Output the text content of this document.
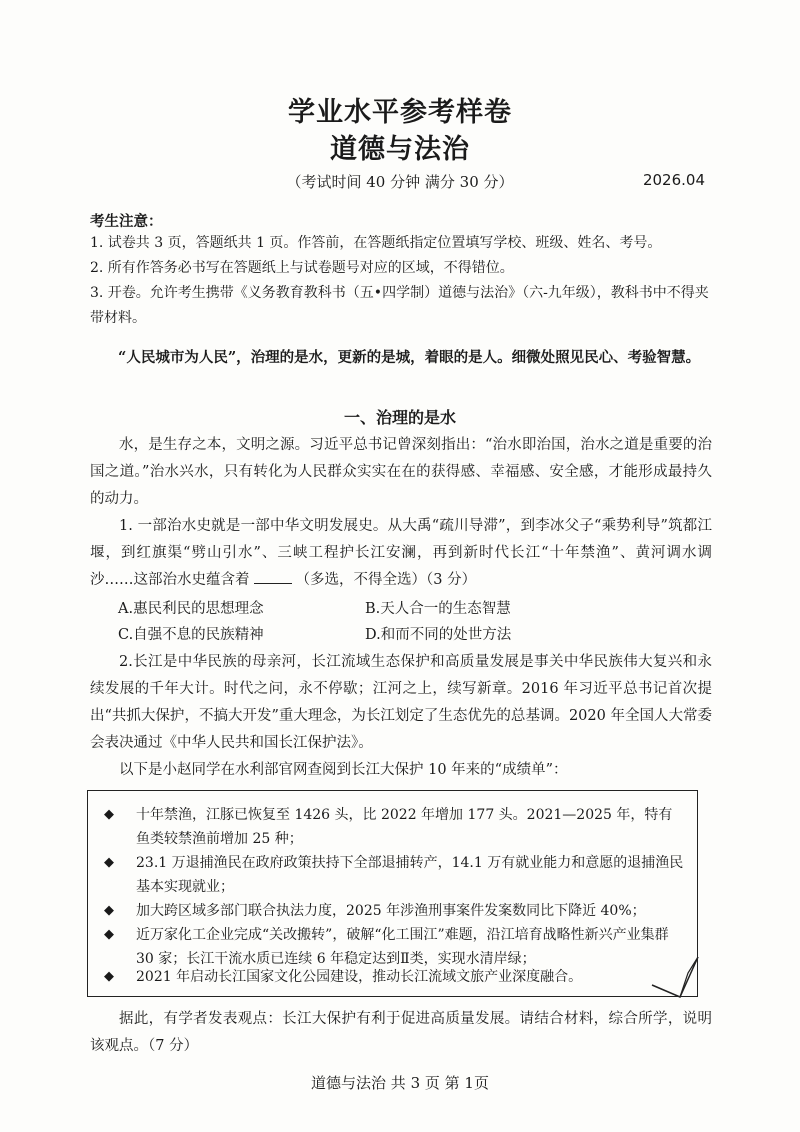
学业水平参考样卷
道德与法治
（考试时间 40 分钟 满分 30 分）	2026.04
考生注意：
1. 试卷共 3 页，答题纸共 1 页。作答前，在答题纸指定位置填写学校、班级、姓名、考号。
2. 所有作答务必书写在答题纸上与试卷题号对应的区域，不得错位。
3. 开卷。允许考生携带《义务教育教科书（五•四学制）道德与法治》（六-九年级），教科书中不得夹带材料。
“人民城市为人民”，治理的是水，更新的是城，着眼的是人。细微处照见民心、考验智慧。
一、治理的是水
水，是生存之本，文明之源。习近平总书记曾深刻指出：“治水即治国，治水之道是重要的治国之道。”治水兴水，只有转化为人民群众实实在在的获得感、幸福感、安全感，才能形成最持久的动力。
1. 一部治水史就是一部中华文明发展史。从大禹“疏川导滞”，到李冰父子“乘势利导”筑都江堰，到红旗渠“劈山引水”、三峡工程护长江安澜，再到新时代长江“十年禁渔”、黄河调水调沙……这部治水史蕴含着	（多选，不得全选）（3 分）
A.惠民利民的思想理念	B.天人合一的生态智慧
C.自强不息的民族精神	D.和而不同的处世方法
2.长江是中华民族的母亲河，长江流域生态保护和高质量发展是事关中华民族伟大复兴和永续发展的千年大计。时代之问，永不停歇；江河之上，续写新章。2016 年习近平总书记首次提出“共抓大保护，不搞大开发”重大理念，为长江划定了生态优先的总基调。2020 年全国人大常委会表决通过《中华人民共和国长江保护法》。
以下是小赵同学在水利部官网查阅到长江大保护 10 年来的“成绩单”：
◆ 十年禁渔，江豚已恢复至 1426 头，比 2022 年增加 177 头。2021—2025 年，特有鱼类较禁渔前增加 25 种；
◆ 23.1 万退捕渔民在政府政策扶持下全部退捕转产，14.1 万有就业能力和意愿的退捕渔民基本实现就业；
◆ 加大跨区域多部门联合执法力度，2025 年涉渔刑事案件发案数同比下降近 40%；
◆ 近万家化工企业完成“关改搬转”，破解“化工围江”难题，沿江培育战略性新兴产业集群 30 家；长江干流水质已连续 6 年稳定达到Ⅱ类，实现水清岸绿；
◆ 2021 年启动长江国家文化公园建设，推动长江流域文旅产业深度融合。
据此，有学者发表观点：长江大保护有利于促进高质量发展。请结合材料，综合所学，说明该观点。（7 分）
道德与法治 共 3 页 第 1页
